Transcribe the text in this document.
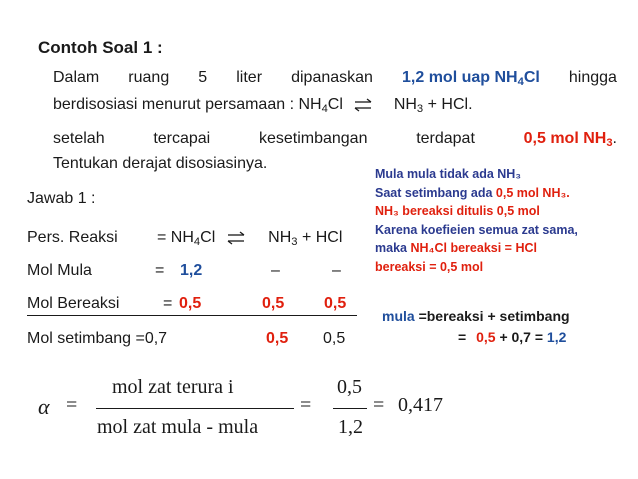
Contoh Soal 1 :
Dalam ruang 5 liter dipanaskan 1,2 mol uap $NH_4Cl$ hingga
berdisosiasi menurut persamaan : $NH_4Cl$ ⇌ $NH_3$ + HCl.
setelah	tercapai	kesetimbangan	terdapat	0,5 mol $NH_3$.
Tentukan derajat disosiasinya.
Mula mula tidak ada NH₃
Saat setimbang ada 0,5 mol NH₃.
NH₃ bereaksi ditulis 0,5 mol
Karena koefieien semua zat sama,
maka NH₄Cl bereaksi = HCl
bereaksi = 0,5 mol
Jawab 1 :
Pers. Reaksi = $NH_4Cl$ ⇌ $NH_3$ + HCl
Mol Mula	= 1,2	–	–
Mol Bereaksi	= 0,5	0,5 0,5
Mol setimbang =0,7	0,5 0,5
mula =bereaksi + setimbang
= 0,5 + 0,7 = 1,2
α =
mol zat terura i
mol zat mula - mula
=
0,5
1,2
= 0,417
